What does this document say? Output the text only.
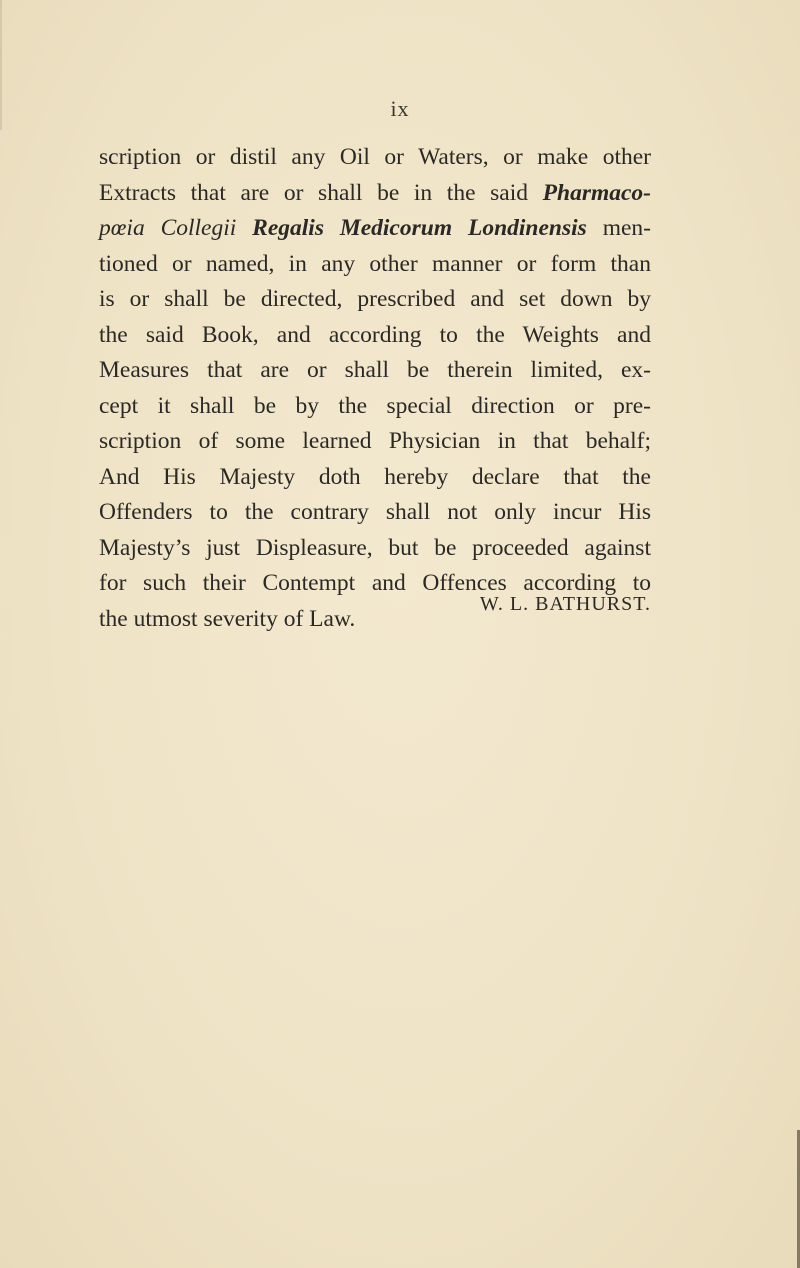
ix
scription or distil any Oil or Waters, or make other
Extracts that are or shall be in the said Pharmaco-
pœia Collegii Regalis Medicorum Londinensis men-
tioned or named, in any other manner or form than
is or shall be directed, prescribed and set down by
the said Book, and according to the Weights and
Measures that are or shall be therein limited, ex-
cept it shall be by the special direction or pre-
scription of some learned Physician in that behalf;
And His Majesty doth hereby declare that the
Offenders to the contrary shall not only incur His
Majesty’s just Displeasure, but be proceeded against
for such their Contempt and Offences according to
the utmost severity of Law.
W. L. BATHURST.
